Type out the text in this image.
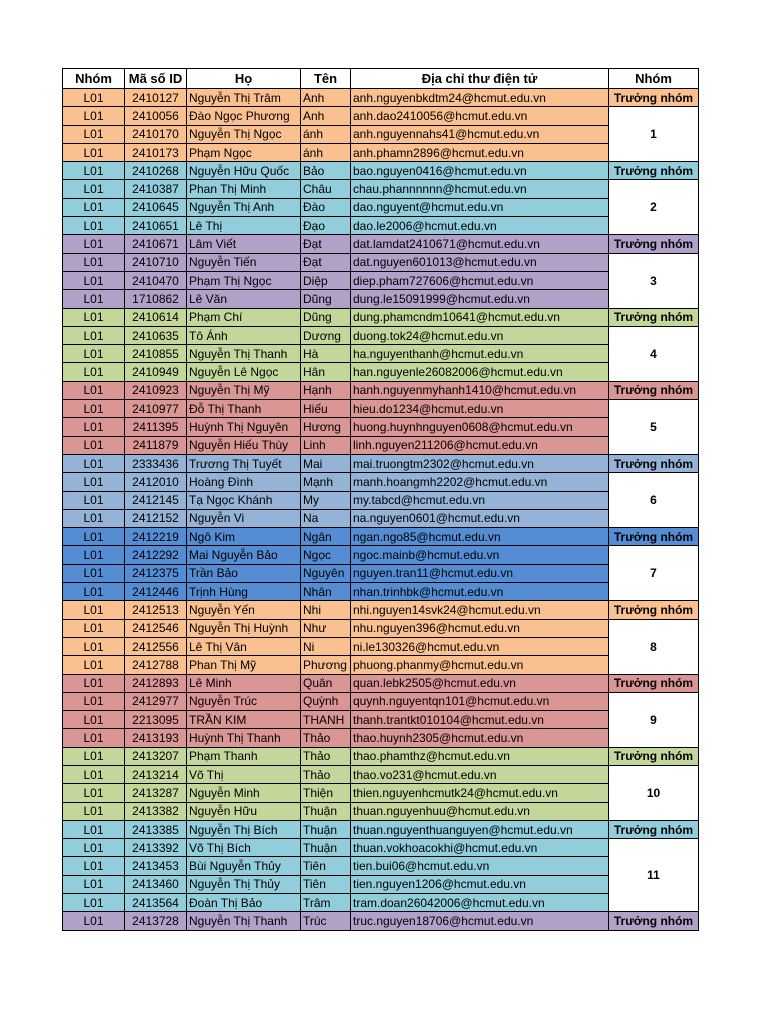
Nhóm	Mã số ID	Họ	Tên	Địa chỉ thư điện tử	Nhóm
L01	2410127	Nguyễn Thị Trâm	Anh	anh.nguyenbkdtm24@hcmut.edu.vn	Trưởng nhóm
L01	2410056	Đào Ngọc Phương	Anh	anh.dao2410056@hcmut.edu.vn	1
L01	2410170	Nguyễn Thị Ngọc	ánh	anh.nguyennahs41@hcmut.edu.vn	
L01	2410173	Phạm Ngọc	ánh	anh.phamn2896@hcmut.edu.vn	
L01	2410268	Nguyễn Hữu Quốc	Bảo	bao.nguyen0416@hcmut.edu.vn	Trưởng nhóm
L01	2410387	Phan Thị Minh	Châu	chau.phannnnnn@hcmut.edu.vn	2
L01	2410645	Nguyễn Thị Anh	Đào	dao.nguyent@hcmut.edu.vn	
L01	2410651	Lê Thị	Đạo	dao.le2006@hcmut.edu.vn	
L01	2410671	Lâm Viết	Đạt	dat.lamdat2410671@hcmut.edu.vn	Trưởng nhóm
L01	2410710	Nguyễn Tiến	Đạt	dat.nguyen601013@hcmut.edu.vn	3
L01	2410470	Phạm Thị Ngọc	Diệp	diep.pham727606@hcmut.edu.vn	
L01	1710862	Lê Văn	Dũng	dung.le15091999@hcmut.edu.vn	
L01	2410614	Phạm Chí	Dũng	dung.phamcndm10641@hcmut.edu.vn	Trưởng nhóm
L01	2410635	Tô Ánh	Dương	duong.tok24@hcmut.edu.vn	4
L01	2410855	Nguyễn Thị Thanh	Hà	ha.nguyenthanh@hcmut.edu.vn	
L01	2410949	Nguyễn Lê Ngọc	Hân	han.nguyenle26082006@hcmut.edu.vn	
L01	2410923	Nguyễn Thị Mỹ	Hạnh	hanh.nguyenmyhanh1410@hcmut.edu.vn	Trưởng nhóm
L01	2410977	Đỗ Thị Thanh	Hiếu	hieu.do1234@hcmut.edu.vn	5
L01	2411395	Huỳnh Thị Nguyên	Hương	huong.huynhnguyen0608@hcmut.edu.vn	
L01	2411879	Nguyễn Hiếu Thùy	Linh	linh.nguyen211206@hcmut.edu.vn	
L01	2333436	Trương Thị Tuyết	Mai	mai.truongtm2302@hcmut.edu.vn	Trưởng nhóm
L01	2412010	Hoàng Đình	Mạnh	manh.hoangmh2202@hcmut.edu.vn	6
L01	2412145	Tạ Ngọc Khánh	My	my.tabcd@hcmut.edu.vn	
L01	2412152	Nguyễn Vi	Na	na.nguyen0601@hcmut.edu.vn	
L01	2412219	Ngô Kim	Ngân	ngan.ngo85@hcmut.edu.vn	Trưởng nhóm
L01	2412292	Mai Nguyễn Bảo	Ngọc	ngoc.mainb@hcmut.edu.vn	7
L01	2412375	Trần Bảo	Nguyên	nguyen.tran11@hcmut.edu.vn	
L01	2412446	Trịnh Hùng	Nhân	nhan.trinhbk@hcmut.edu.vn	
L01	2412513	Nguyễn Yến	Nhi	nhi.nguyen14svk24@hcmut.edu.vn	Trưởng nhóm
L01	2412546	Nguyễn Thị Huỳnh	Như	nhu.nguyen396@hcmut.edu.vn	8
L01	2412556	Lê Thị Vân	Ni	ni.le130326@hcmut.edu.vn	
L01	2412788	Phan Thị Mỹ	Phương	phuong.phanmy@hcmut.edu.vn	
L01	2412893	Lê Minh	Quân	quan.lebk2505@hcmut.edu.vn	Trưởng nhóm
L01	2412977	Nguyễn Trúc	Quỳnh	quynh.nguyentqn101@hcmut.edu.vn	9
L01	2213095	TRẦN KIM	THANH	thanh.trantkt010104@hcmut.edu.vn	
L01	2413193	Huỳnh Thị Thanh	Thảo	thao.huynh2305@hcmut.edu.vn	
L01	2413207	Phạm Thanh	Thảo	thao.phamthz@hcmut.edu.vn	Trưởng nhóm
L01	2413214	Võ Thị	Thảo	thao.vo231@hcmut.edu.vn	10
L01	2413287	Nguyễn Minh	Thiện	thien.nguyenhcmutk24@hcmut.edu.vn	
L01	2413382	Nguyễn Hữu	Thuận	thuan.nguyenhuu@hcmut.edu.vn	
L01	2413385	Nguyễn Thị Bích	Thuận	thuan.nguyenthuanguyen@hcmut.edu.vn	Trưởng nhóm
L01	2413392	Võ Thị Bích	Thuận	thuan.vokhoacokhi@hcmut.edu.vn	11
L01	2413453	Bùi Nguyễn Thủy	Tiên	tien.bui06@hcmut.edu.vn	
L01	2413460	Nguyễn Thị Thủy	Tiên	tien.nguyen1206@hcmut.edu.vn	
L01	2413564	Đoàn Thị Bảo	Trâm	tram.doan26042006@hcmut.edu.vn	
L01	2413728	Nguyễn Thị Thanh	Trúc	truc.nguyen18706@hcmut.edu.vn	Trưởng nhóm
